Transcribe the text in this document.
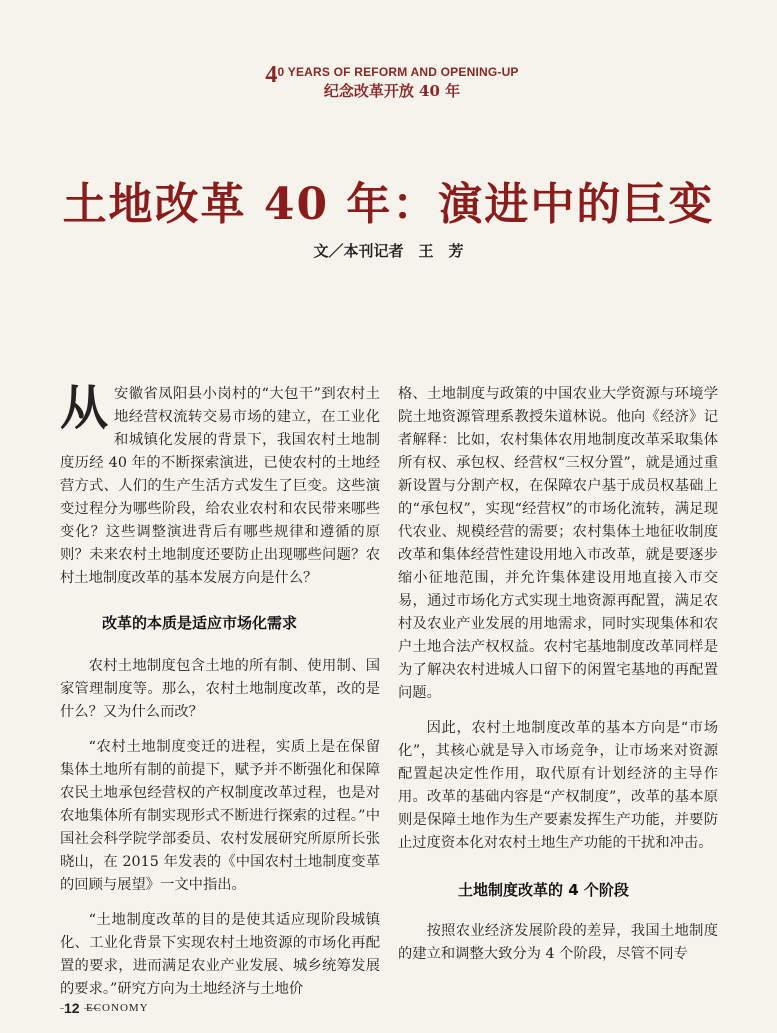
40 YEARS OF REFORM AND OPENING-UP
纪念改革开放 40 年
土地改革 40 年：演进中的巨变
文／本刊记者　王　芳

从安徽省凤阳县小岗村的“大包干”到农村土地经营权流转交易市场的建立，在工业化和城镇化发展的背景下，我国农村土地制度历经 40 年的不断探索演进，已使农村的土地经营方式、人们的生产生活方式发生了巨变。这些演变过程分为哪些阶段，给农业农村和农民带来哪些变化？这些调整演进背后有哪些规律和遵循的原则？未来农村土地制度还要防止出现哪些问题？农村土地制度改革的基本发展方向是什么？

改革的本质是适应市场化需求

农村土地制度包含土地的所有制、使用制、国家管理制度等。那么，农村土地制度改革，改的是什么？又为什么而改？

“农村土地制度变迁的进程，实质上是在保留集体土地所有制的前提下，赋予并不断强化和保障农民土地承包经营权的产权制度改革过程，也是对农地集体所有制实现形式不断进行探索的过程。”中国社会科学院学部委员、农村发展研究所原所长张晓山，在 2015 年发表的《中国农村土地制度变革的回顾与展望》一文中指出。

“土地制度改革的目的是使其适应现阶段城镇化、工业化背景下实现农村土地资源的市场化再配置的要求，进而满足农业产业发展、城乡统筹发展的要求。”研究方向为土地经济与土地价

格、土地制度与政策的中国农业大学资源与环境学院土地资源管理系教授朱道林说。他向《经济》记者解释：比如，农村集体农用地制度改革采取集体所有权、承包权、经营权“三权分置”，就是通过重新设置与分割产权，在保障农户基于成员权基础上的“承包权”，实现“经营权”的市场化流转，满足现代农业、规模经营的需要；农村集体土地征收制度改革和集体经营性建设用地入市改革，就是要逐步缩小征地范围，并允许集体建设用地直接入市交易，通过市场化方式实现土地资源再配置，满足农村及农业产业发展的用地需求，同时实现集体和农户土地合法产权权益。农村宅基地制度改革同样是为了解决农村进城人口留下的闲置宅基地的再配置问题。

因此，农村土地制度改革的基本方向是“市场化”，其核心就是导入市场竞争，让市场来对资源配置起决定性作用，取代原有计划经济的主导作用。改革的基础内容是“产权制度”，改革的基本原则是保障土地作为生产要素发挥生产功能，并要防止过度资本化对农村土地生产功能的干扰和冲击。

土地制度改革的 4 个阶段

按照农业经济发展阶段的差异，我国土地制度的建立和调整大致分为 4 个阶段，尽管不同专

12 ECONOMY
